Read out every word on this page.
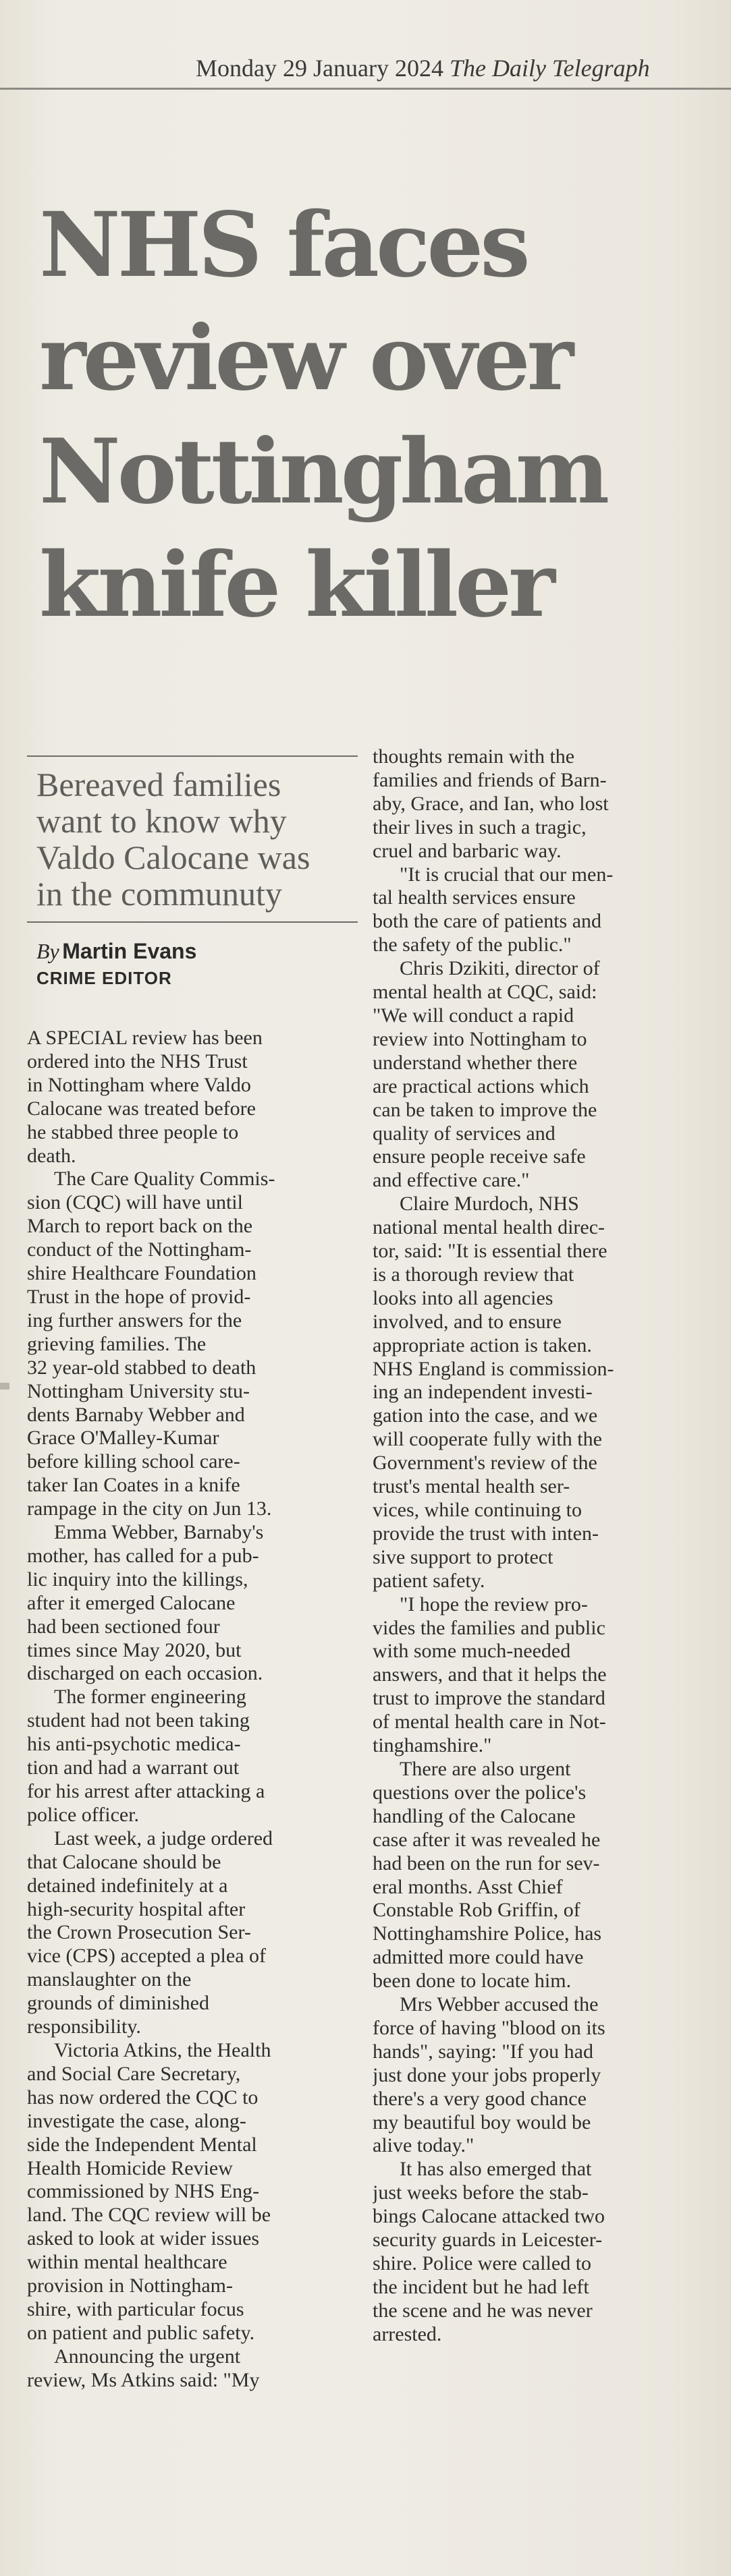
Monday 29 January 2024 The Daily Telegraph
NHS faces
review over
Nottingham
knife killer
Bereaved families
want to know why
Valdo Calocane was
in the communuty
By Martin Evans
CRIME EDITOR
A SPECIAL review has been
ordered into the NHS Trust
in Nottingham where Valdo
Calocane was treated before
he stabbed three people to
death.
The Care Quality Commis-
sion (CQC) will have until
March to report back on the
conduct of the Nottingham-
shire Healthcare Foundation
Trust in the hope of provid-
ing further answers for the
grieving families. The
32 year-old stabbed to death
Nottingham University stu-
dents Barnaby Webber and
Grace O'Malley-Kumar
before killing school care-
taker Ian Coates in a knife
rampage in the city on Jun 13.
Emma Webber, Barnaby's
mother, has called for a pub-
lic inquiry into the killings,
after it emerged Calocane
had been sectioned four
times since May 2020, but
discharged on each occasion.
The former engineering
student had not been taking
his anti-psychotic medica-
tion and had a warrant out
for his arrest after attacking a
police officer.
Last week, a judge ordered
that Calocane should be
detained indefinitely at a
high-security hospital after
the Crown Prosecution Ser-
vice (CPS) accepted a plea of
manslaughter on the
grounds of diminished
responsibility.
Victoria Atkins, the Health
and Social Care Secretary,
has now ordered the CQC to
investigate the case, along-
side the Independent Mental
Health Homicide Review
commissioned by NHS Eng-
land. The CQC review will be
asked to look at wider issues
within mental healthcare
provision in Nottingham-
shire, with particular focus
on patient and public safety.
Announcing the urgent
review, Ms Atkins said: "My
thoughts remain with the
families and friends of Barn-
aby, Grace, and Ian, who lost
their lives in such a tragic,
cruel and barbaric way.
"It is crucial that our men-
tal health services ensure
both the care of patients and
the safety of the public."
Chris Dzikiti, director of
mental health at CQC, said:
"We will conduct a rapid
review into Nottingham to
understand whether there
are practical actions which
can be taken to improve the
quality of services and
ensure people receive safe
and effective care."
Claire Murdoch, NHS
national mental health direc-
tor, said: "It is essential there
is a thorough review that
looks into all agencies
involved, and to ensure
appropriate action is taken.
NHS England is commission-
ing an independent investi-
gation into the case, and we
will cooperate fully with the
Government's review of the
trust's mental health ser-
vices, while continuing to
provide the trust with inten-
sive support to protect
patient safety.
"I hope the review pro-
vides the families and public
with some much-needed
answers, and that it helps the
trust to improve the standard
of mental health care in Not-
tinghamshire."
There are also urgent
questions over the police's
handling of the Calocane
case after it was revealed he
had been on the run for sev-
eral months. Asst Chief
Constable Rob Griffin, of
Nottinghamshire Police, has
admitted more could have
been done to locate him.
Mrs Webber accused the
force of having "blood on its
hands", saying: "If you had
just done your jobs properly
there's a very good chance
my beautiful boy would be
alive today."
It has also emerged that
just weeks before the stab-
bings Calocane attacked two
security guards in Leicester-
shire. Police were called to
the incident but he had left
the scene and he was never
arrested.
